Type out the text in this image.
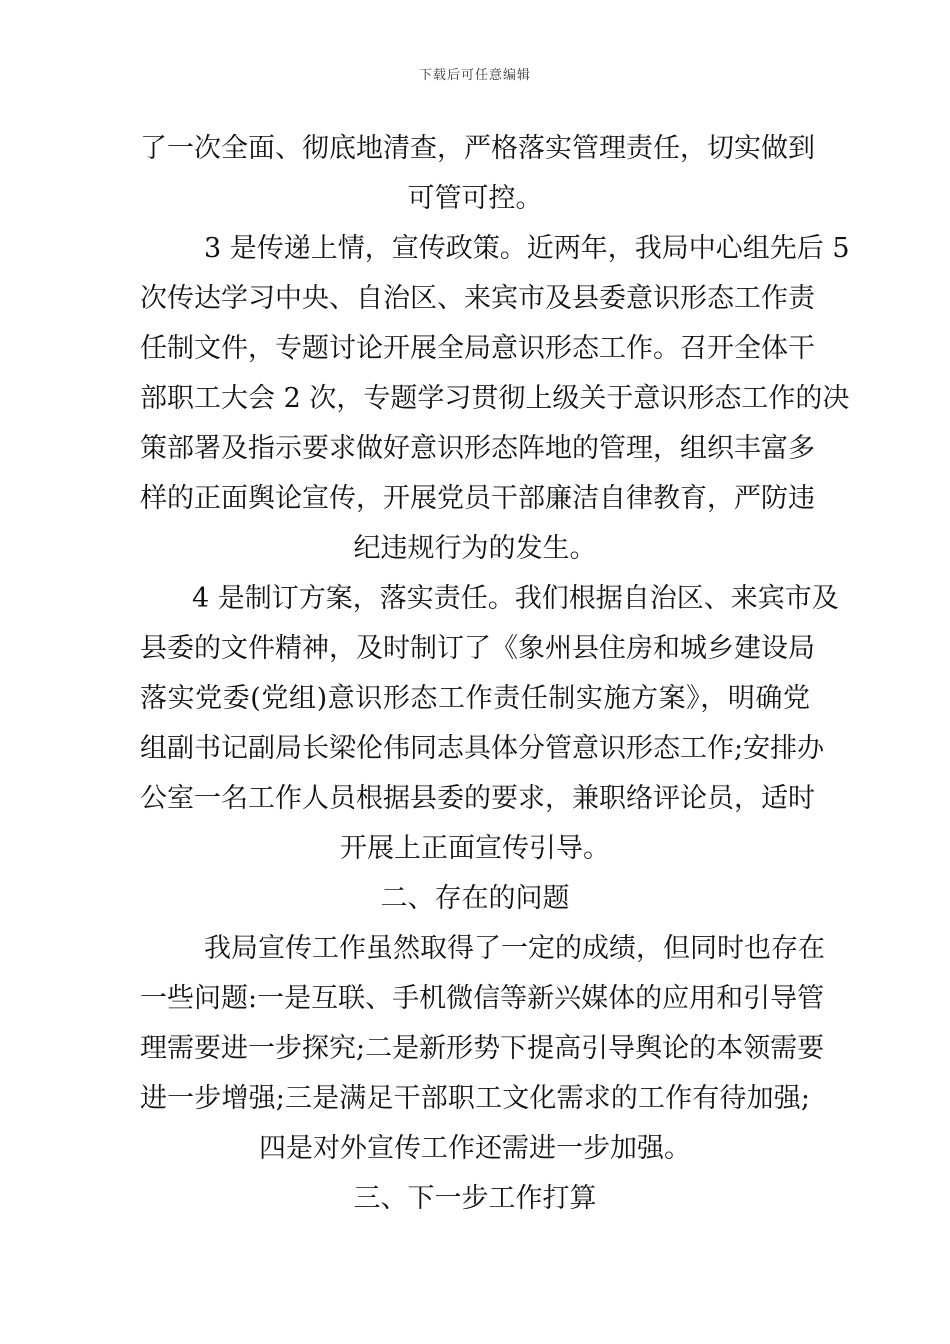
下载后可任意编辑
了一次全面、彻底地清查，严格落实管理责任，切实做到
可管可控。
3 是传递上情，宣传政策。近两年，我局中心组先后 5
次传达学习中央、自治区、来宾市及县委意识形态工作责
任制文件，专题讨论开展全局意识形态工作。召开全体干
部职工大会 2 次，专题学习贯彻上级关于意识形态工作的决
策部署及指示要求做好意识形态阵地的管理，组织丰富多
样的正面舆论宣传，开展党员干部廉洁自律教育，严防违
纪违规行为的发生。
4 是制订方案，落实责任。我们根据自治区、来宾市及
县委的文件精神，及时制订了《象州县住房和城乡建设局
落实党委(党组)意识形态工作责任制实施方案》，明确党
组副书记副局长梁伦伟同志具体分管意识形态工作;安排办
公室一名工作人员根据县委的要求，兼职络评论员，适时
开展上正面宣传引导。
二、存在的问题
我局宣传工作虽然取得了一定的成绩，但同时也存在
一些问题:一是互联、手机微信等新兴媒体的应用和引导管
理需要进一步探究;二是新形势下提高引导舆论的本领需要
进一步增强;三是满足干部职工文化需求的工作有待加强;
四是对外宣传工作还需进一步加强。
三、下一步工作打算
